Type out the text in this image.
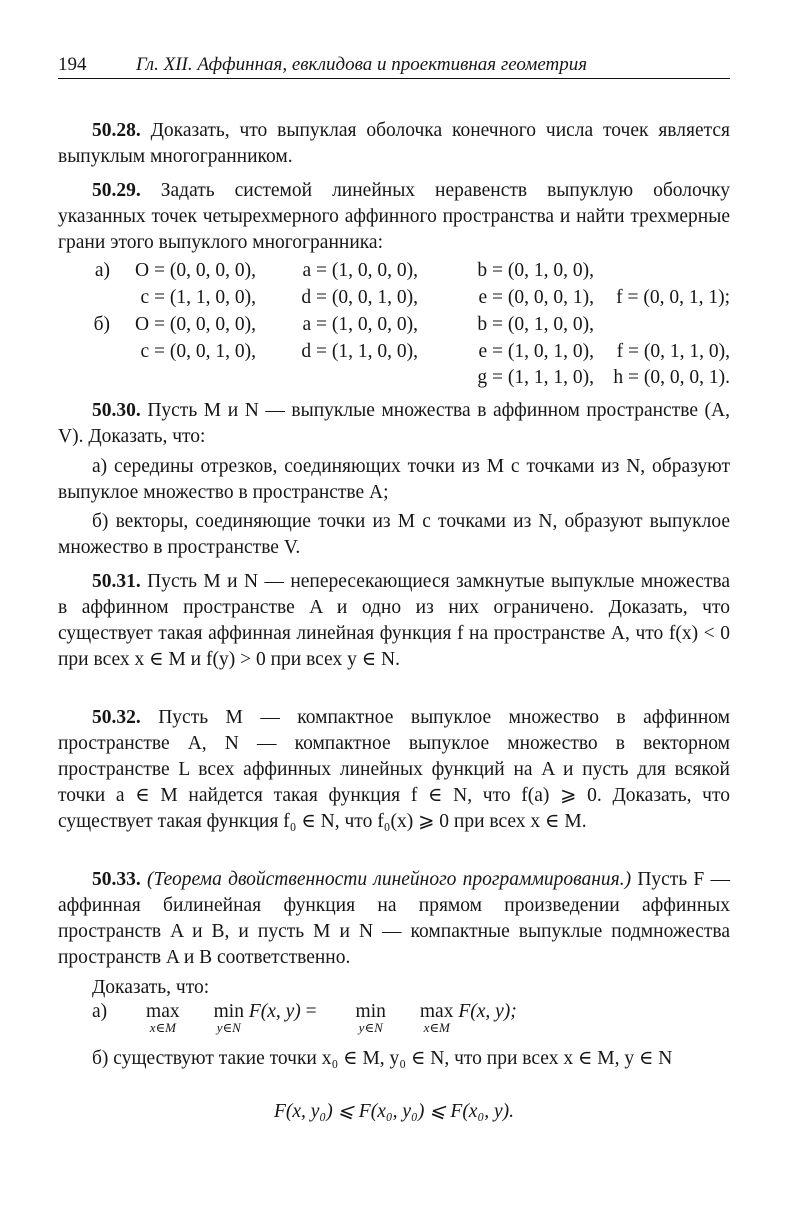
194	Гл. XII. Аффинная, евклидова и проективная геометрия
50.28. Доказать, что выпуклая оболочка конечного числа точек является выпуклым многогранником.
50.29. Задать системой линейных неравенств выпуклую оболочку указанных точек четырехмерного аффинного пространства и найти трехмерные грани этого выпуклого многогранника:
а)	O = (0, 0, 0, 0),	a = (1, 0, 0, 0),	b = (0, 1, 0, 0),	
	c = (1, 1, 0, 0),	d = (0, 0, 1, 0),	e = (0, 0, 0, 1),	f = (0, 0, 1, 1);
б)	O = (0, 0, 0, 0),	a = (1, 0, 0, 0),	b = (0, 1, 0, 0),	
	c = (0, 0, 1, 0),	d = (1, 1, 0, 0),	e = (1, 0, 1, 0),	f = (0, 1, 1, 0),
			g = (1, 1, 1, 0),	h = (0, 0, 0, 1).
50.30. Пусть M и N — выпуклые множества в аффинном пространстве (A, V). Доказать, что:
а) середины отрезков, соединяющих точки из M с точками из N, образуют выпуклое множество в пространстве A;
б) векторы, соединяющие точки из M с точками из N, образуют выпуклое множество в пространстве V.
50.31. Пусть M и N — непересекающиеся замкнутые выпуклые множества в аффинном пространстве A и одно из них ограничено. Доказать, что существует такая аффинная линейная функция f на пространстве A, что f(x) < 0 при всех x ∈ M и f(y) > 0 при всех y ∈ N.
50.32. Пусть M — компактное выпуклое множество в аффинном пространстве A, N — компактное выпуклое множество в векторном пространстве L всех аффинных линейных функций на A и пусть для всякой точки a ∈ M найдется такая функция f ∈ N, что f(a) ⩾ 0. Доказать, что существует такая функция f₀ ∈ N, что f₀(x) ⩾ 0 при всех x ∈ M.
50.33. (Теорема двойственности линейного программирования.) Пусть F — аффинная билинейная функция на прямом произведении аффинных пространств A и B, и пусть M и N — компактные выпуклые подмножества пространств A и B соответственно.
Доказать, что:
а) max
x∈M
min
y∈N
F(x, y) = min
y∈N
max
x∈M
F(x, y);
б) существуют такие точки x₀ ∈ M, y₀ ∈ N, что при всех x ∈ M, y ∈ N
F(x, y₀) ⩽ F(x₀, y₀) ⩽ F(x₀, y).
